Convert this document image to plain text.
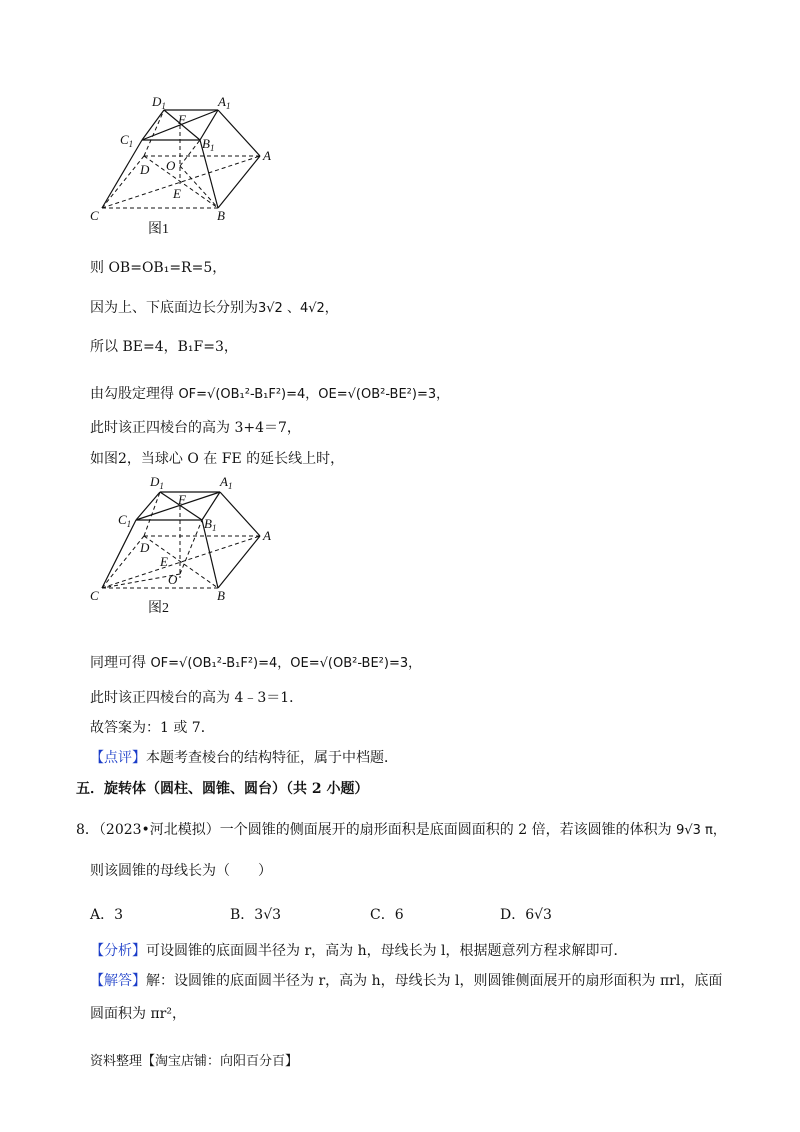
$D_1$	$A_1$
F
$C_1$	$B_1$
D O
A
E
C	B
图1
则 OB=OB₁=R=5，
因为上、下底面边长分别为3√2 、4√2，
所以 BE=4，B₁F=3，
由勾股定理得 OF=√(OB₁²-B₁F²)=4，OE=√(OB²-BE²)=3，
此时该正四棱台的高为 3+4＝7，
如图2，当球心 O 在 FE 的延长线上时，
$D_1$	$A_1$
F
$C_1$	$B_1$
D
E
O
A
C	B
图2
同理可得 OF=√(OB₁²-B₁F²)=4，OE=√(OB²-BE²)=3，
此时该正四棱台的高为 4﹣3＝1．
故答案为：1 或 7．
【点评】本题考查棱台的结构特征，属于中档题．
五．旋转体（圆柱、圆锥、圆台）（共 2 小题）
8．（2023•河北模拟）一个圆锥的侧面展开的扇形面积是底面圆面积的 2 倍，若该圆锥的体积为 9√3 π，
则该圆锥的母线长为（　　）
A．3	B．3√3	C．6	D．6√3
【分析】可设圆锥的底面圆半径为 r，高为 h，母线长为 l，根据题意列方程求解即可．
【解答】解：设圆锥的底面圆半径为 r，高为 h，母线长为 l，则圆锥侧面展开的扇形面积为 πrl，底面
圆面积为 πr²，
资料整理【淘宝店铺：向阳百分百】
